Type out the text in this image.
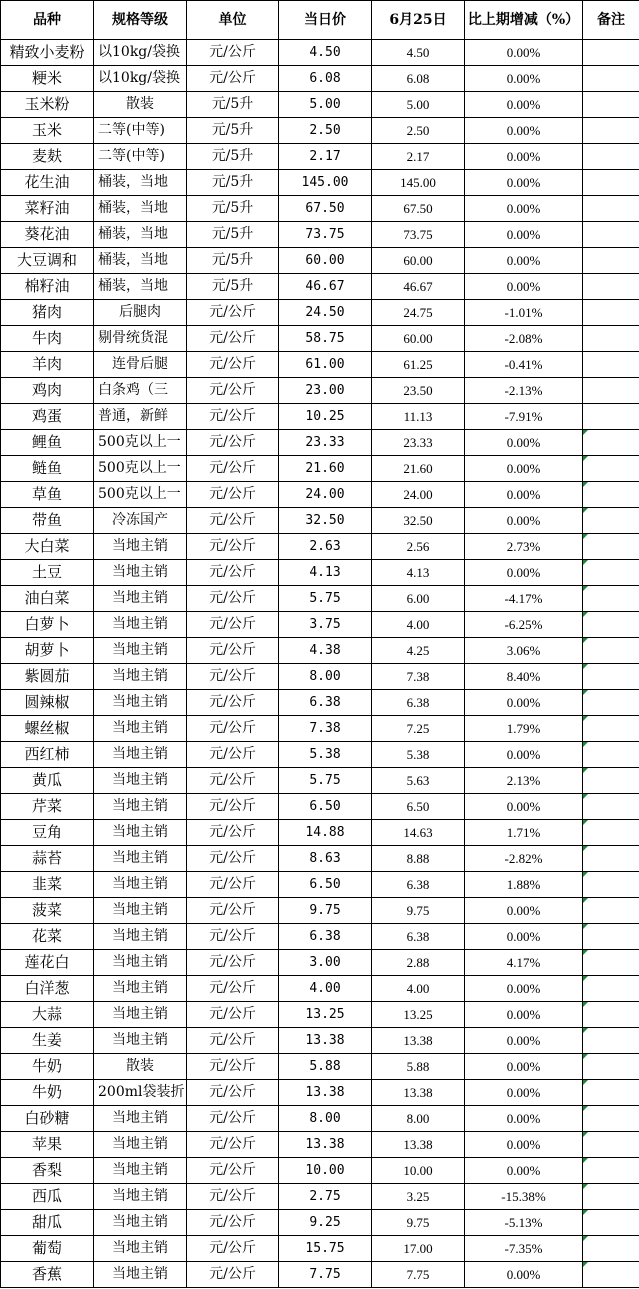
品种	规格等级	单位	当日价	6月25日	比上期增减（%）	备注
精致小麦粉	以10kg/袋换	元/公斤	4.50	4.50	0.00%	
粳米	以10kg/袋换	元/公斤	6.08	6.08	0.00%	
玉米粉	散装	元/5升	5.00	5.00	0.00%	
玉米	二等(中等)	元/5升	2.50	2.50	0.00%	
麦麸	二等(中等)	元/5升	2.17	2.17	0.00%	
花生油	桶装，当地	元/5升	145.00	145.00	0.00%	
菜籽油	桶装，当地	元/5升	67.50	67.50	0.00%	
葵花油	桶装，当地	元/5升	73.75	73.75	0.00%	
大豆调和	桶装，当地	元/5升	60.00	60.00	0.00%	
棉籽油	桶装，当地	元/5升	46.67	46.67	0.00%	
猪肉	后腿肉	元/公斤	24.50	24.75	-1.01%	
牛肉	剔骨统货混	元/公斤	58.75	60.00	-2.08%	
羊肉	连骨后腿	元/公斤	61.00	61.25	-0.41%	
鸡肉	白条鸡（三	元/公斤	23.00	23.50	-2.13%	
鸡蛋	普通，新鲜	元/公斤	10.25	11.13	-7.91%	
鲤鱼	500克以上一	元/公斤	23.33	23.33	0.00%	

鲢鱼	500克以上一	元/公斤	21.60	21.60	0.00%	

草鱼	500克以上一	元/公斤	24.00	24.00	0.00%	

带鱼	冷冻国产	元/公斤	32.50	32.50	0.00%	

大白菜	当地主销	元/公斤	2.63	2.56	2.73%	

土豆	当地主销	元/公斤	4.13	4.13	0.00%	

油白菜	当地主销	元/公斤	5.75	6.00	-4.17%	

白萝卜	当地主销	元/公斤	3.75	4.00	-6.25%	

胡萝卜	当地主销	元/公斤	4.38	4.25	3.06%	

紫圆茄	当地主销	元/公斤	8.00	7.38	8.40%	

圆辣椒	当地主销	元/公斤	6.38	6.38	0.00%	

螺丝椒	当地主销	元/公斤	7.38	7.25	1.79%	

西红柿	当地主销	元/公斤	5.38	5.38	0.00%	

黄瓜	当地主销	元/公斤	5.75	5.63	2.13%	

芹菜	当地主销	元/公斤	6.50	6.50	0.00%	

豆角	当地主销	元/公斤	14.88	14.63	1.71%	

蒜苔	当地主销	元/公斤	8.63	8.88	-2.82%	

韭菜	当地主销	元/公斤	6.50	6.38	1.88%	

菠菜	当地主销	元/公斤	9.75	9.75	0.00%	

花菜	当地主销	元/公斤	6.38	6.38	0.00%	

莲花白	当地主销	元/公斤	3.00	2.88	4.17%	

白洋葱	当地主销	元/公斤	4.00	4.00	0.00%	

大蒜	当地主销	元/公斤	13.25	13.25	0.00%	

生姜	当地主销	元/公斤	13.38	13.38	0.00%	

牛奶	散装	元/公斤	5.88	5.88	0.00%	

牛奶	200ml袋装折	元/公斤	13.38	13.38	0.00%	

白砂糖	当地主销	元/公斤	8.00	8.00	0.00%	

苹果	当地主销	元/公斤	13.38	13.38	0.00%	

香梨	当地主销	元/公斤	10.00	10.00	0.00%	

西瓜	当地主销	元/公斤	2.75	3.25	-15.38%	

甜瓜	当地主销	元/公斤	9.25	9.75	-5.13%	

葡萄	当地主销	元/公斤	15.75	17.00	-7.35%	

香蕉	当地主销	元/公斤	7.75	7.75	0.00%	
